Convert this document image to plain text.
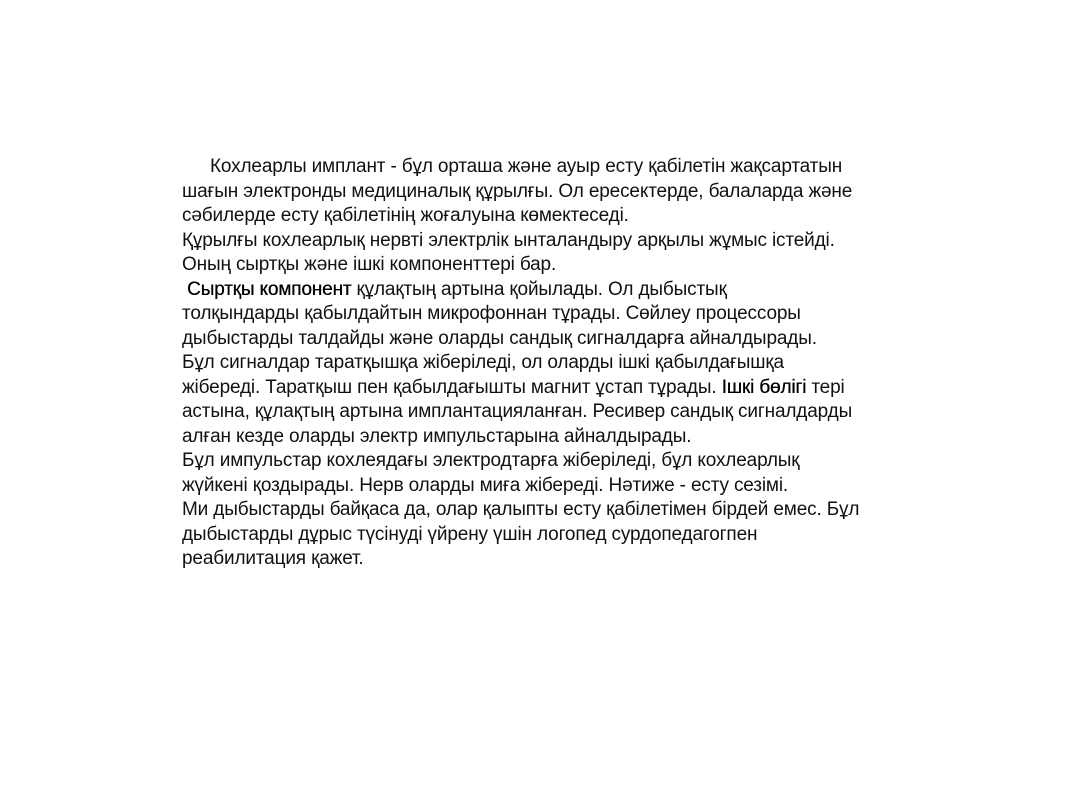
Кохлеарлы имплант - бұл орташа және ауыр есту қабілетін жақсартатын
шағын электронды медициналық құрылғы. Ол ересектерде, балаларда және
сәбилерде есту қабілетінің жоғалуына көмектеседі.
Құрылғы кохлеарлық нервті электрлік ынталандыру арқылы жұмыс істейді.
Оның сыртқы және ішкі компоненттері бар.
Сыртқы компонент құлақтың артына қойылады. Ол дыбыстық
толқындарды қабылдайтын микрофоннан тұрады. Сөйлеу процессоры
дыбыстарды талдайды және оларды сандық сигналдарға айналдырады.
Бұл сигналдар таратқышқа жіберіледі, ол оларды ішкі қабылдағышқа
жібереді. Таратқыш пен қабылдағышты магнит ұстап тұрады. Ішкі бөлігі тері
астына, құлақтың артына имплантацияланған. Ресивер сандық сигналдарды
алған кезде оларды электр импульстарына айналдырады.
Бұл импульстар кохлеядағы электродтарға жіберіледі, бұл кохлеарлық
жүйкені қоздырады. Нерв оларды миға жібереді. Нәтиже - есту сезімі.
Ми дыбыстарды байқаса да, олар қалыпты есту қабілетімен бірдей емес. Бұл
дыбыстарды дұрыс түсінуді үйрену үшін логопед сурдопедагогпен
реабилитация қажет.
